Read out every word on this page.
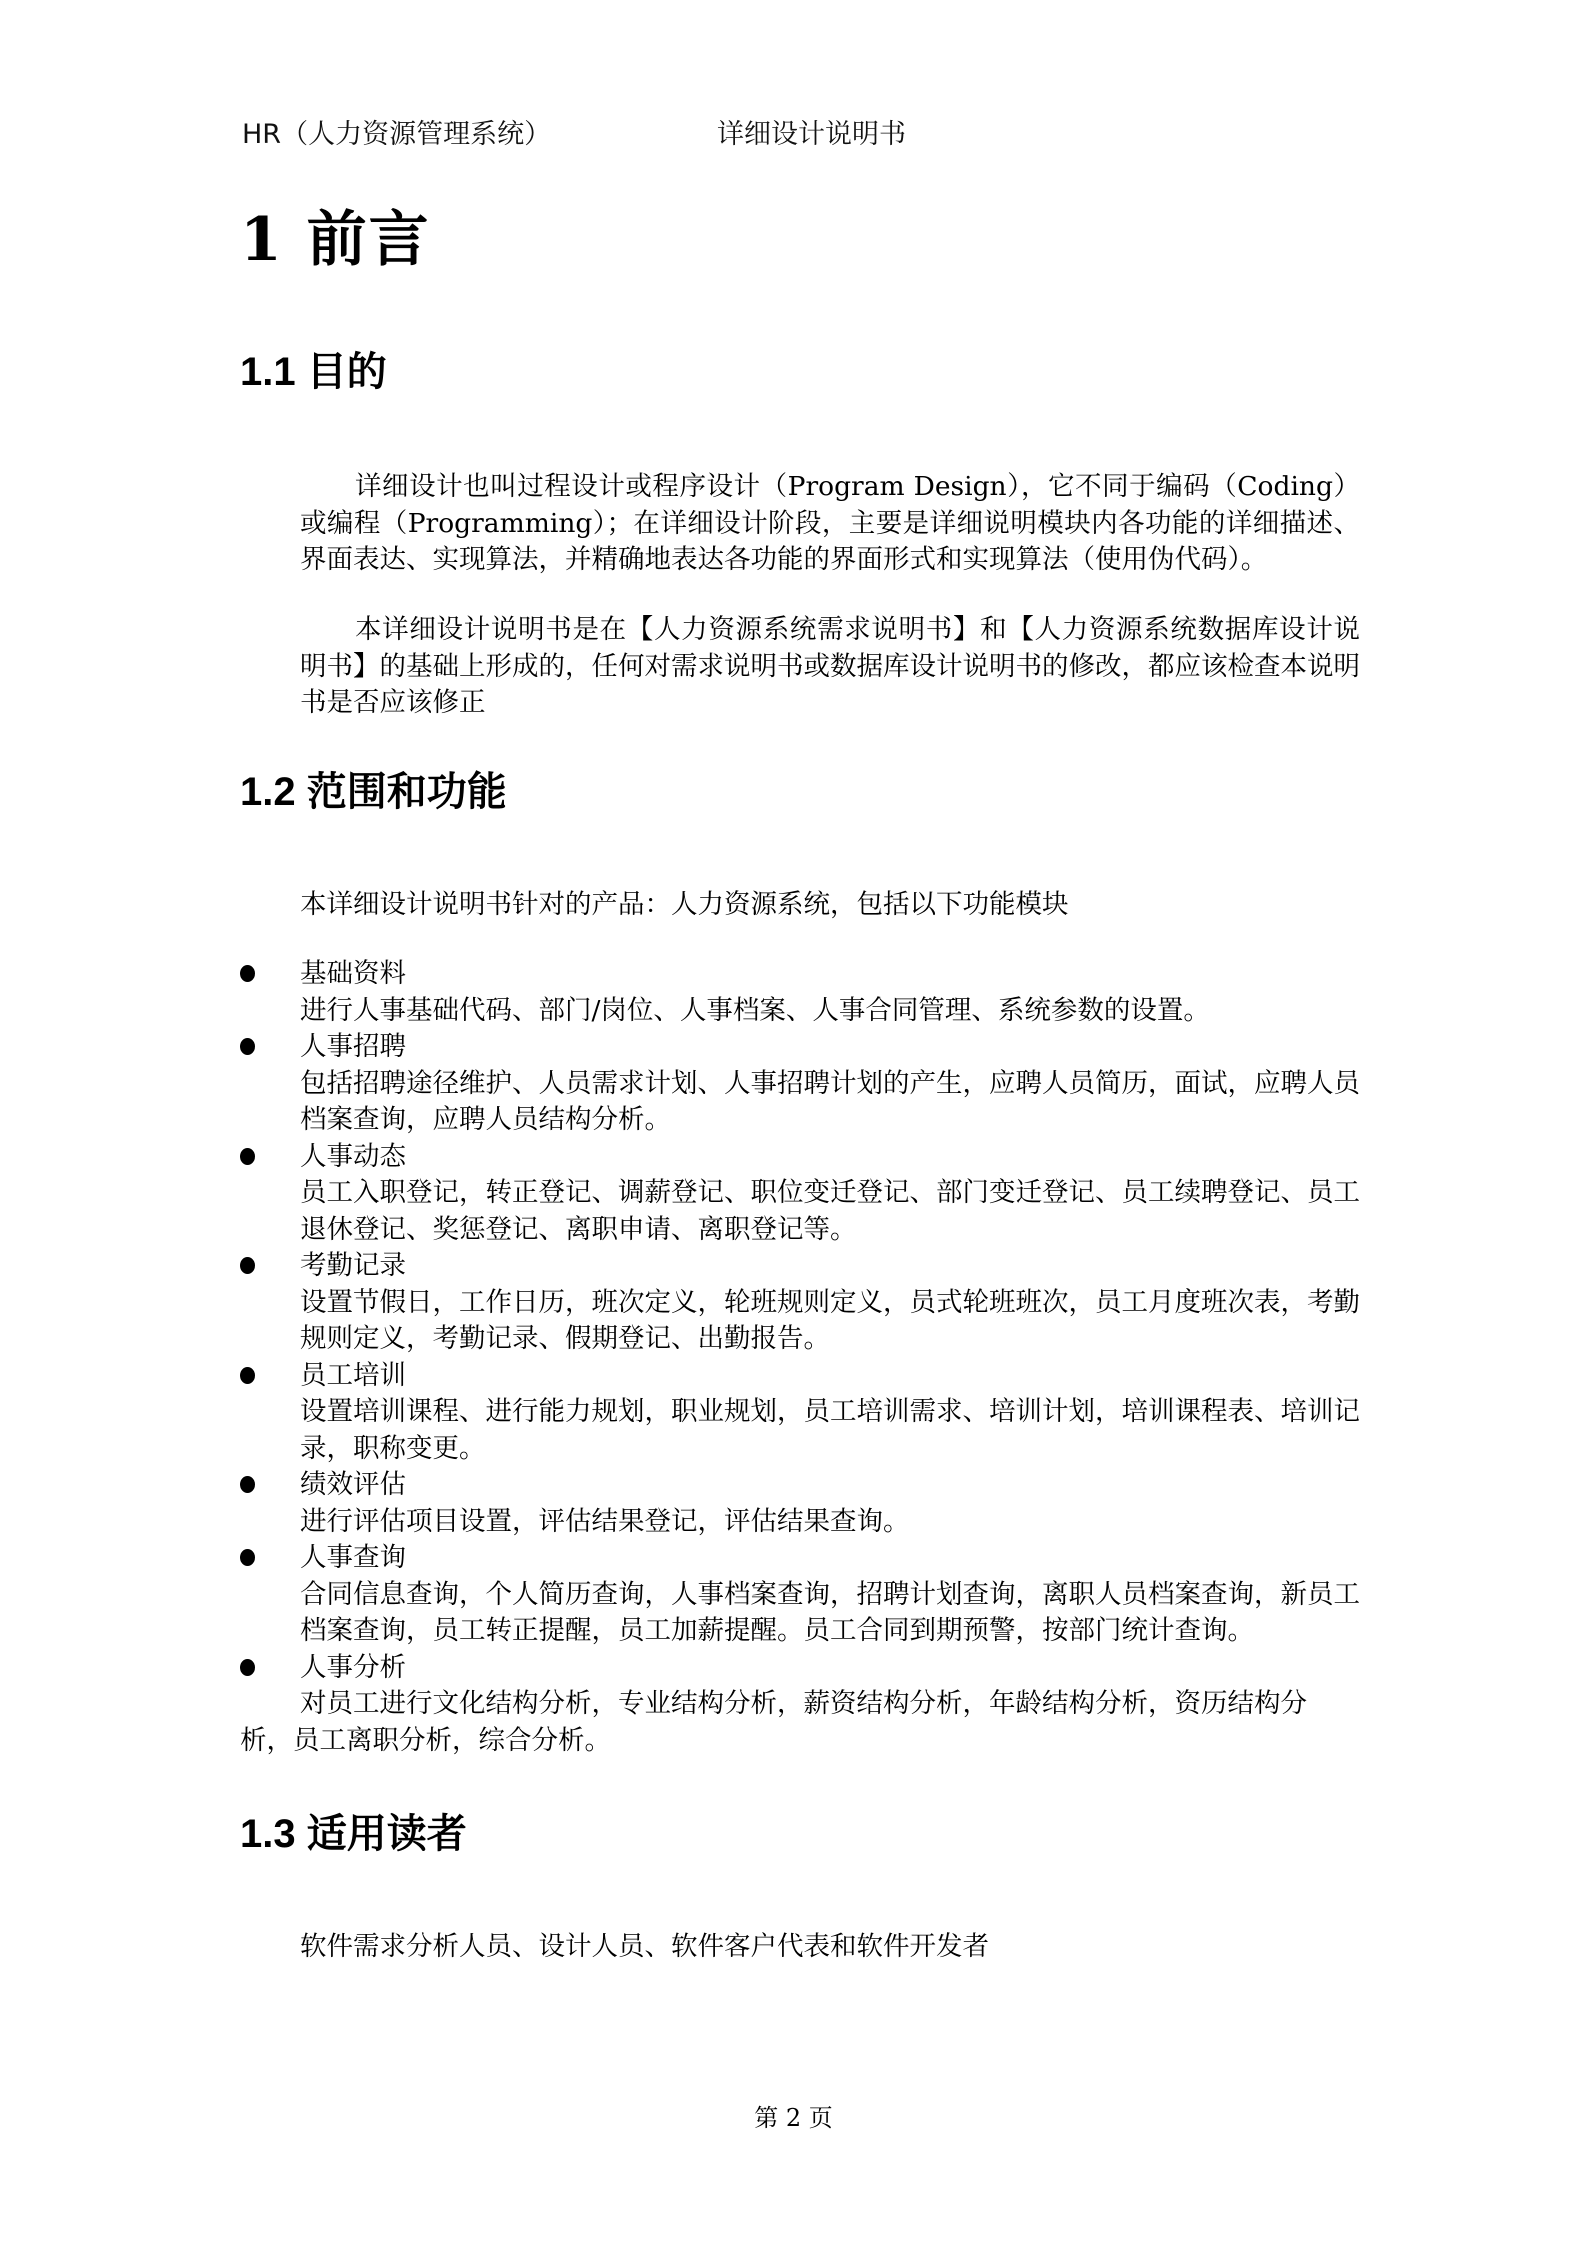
HR（人力资源管理系统）	详细设计说明书
1 前言
1.1 目的
详细设计也叫过程设计或程序设计（Program Design），它不同于编码（Coding）或编程（Programming）；在详细设计阶段，主要是详细说明模块内各功能的详细描述、界面表达、实现算法，并精确地表达各功能的界面形式和实现算法（使用伪代码）。
本详细设计说明书是在【人力资源系统需求说明书】和【人力资源系统数据库设计说明书】的基础上形成的，任何对需求说明书或数据库设计说明书的修改，都应该检查本说明书是否应该修正
1.2 范围和功能
本详细设计说明书针对的产品：人力资源系统，包括以下功能模块
基础资料
进行人事基础代码、部门/岗位、人事档案、人事合同管理、系统参数的设置。
人事招聘
包括招聘途径维护、人员需求计划、人事招聘计划的产生，应聘人员简历，面试，应聘人员档案查询，应聘人员结构分析。
人事动态
员工入职登记，转正登记、调薪登记、职位变迁登记、部门变迁登记、员工续聘登记、员工退休登记、奖惩登记、离职申请、离职登记等。
考勤记录
设置节假日，工作日历，班次定义，轮班规则定义，员式轮班班次，员工月度班次表，考勤规则定义，考勤记录、假期登记、出勤报告。
员工培训
设置培训课程、进行能力规划，职业规划，员工培训需求、培训计划，培训课程表、培训记录，职称变更。
绩效评估
进行评估项目设置，评估结果登记，评估结果查询。
人事查询
合同信息查询，个人简历查询，人事档案查询，招聘计划查询，离职人员档案查询，新员工档案查询，员工转正提醒，员工加薪提醒。员工合同到期预警，按部门统计查询。
人事分析
对员工进行文化结构分析，专业结构分析，薪资结构分析，年龄结构分析，资历结构分
析，员工离职分析，综合分析。
1.3 适用读者
软件需求分析人员、设计人员、软件客户代表和软件开发者
第 2 页
